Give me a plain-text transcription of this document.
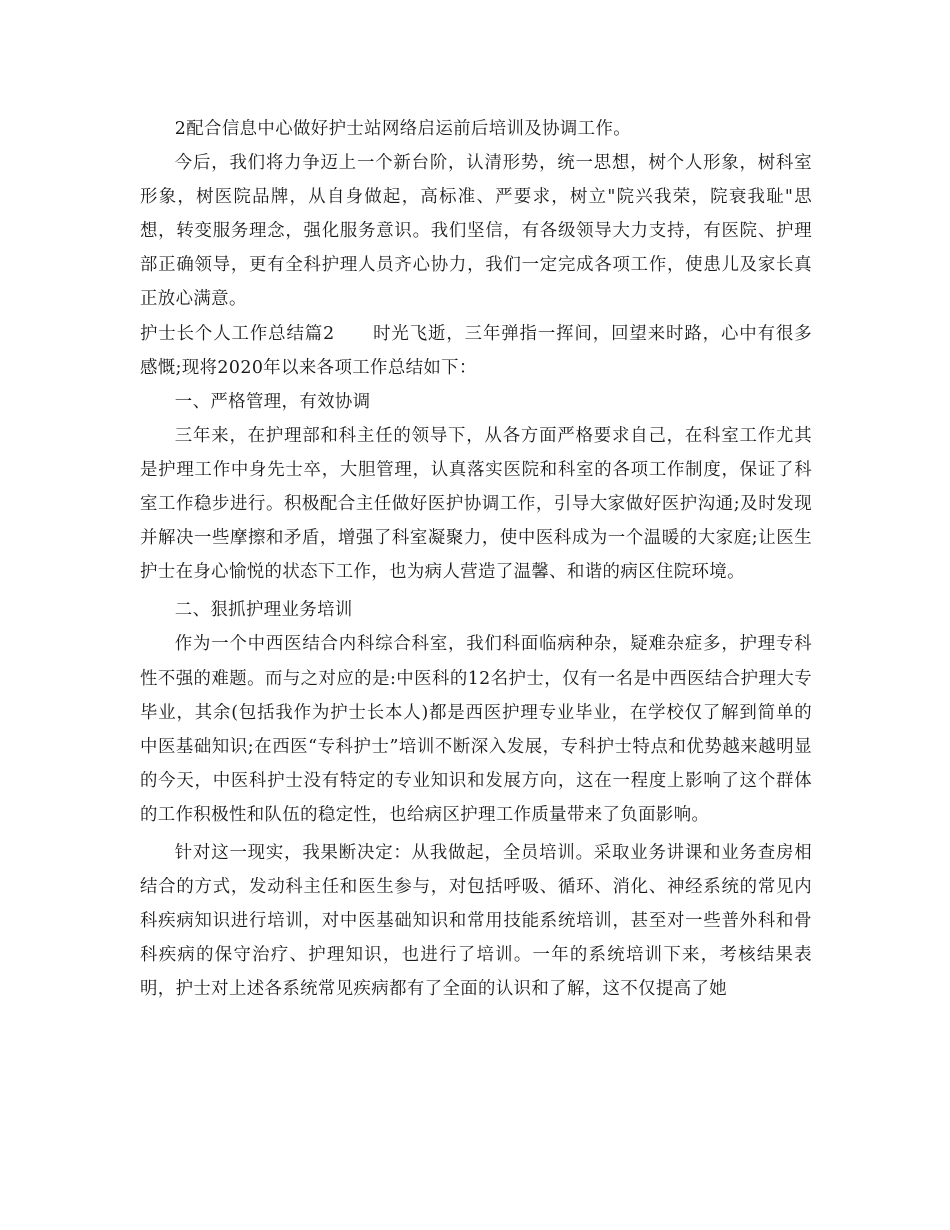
2配合信息中心做好护士站网络启运前后培训及协调工作。

今后，我们将力争迈上一个新台阶，认清形势，统一思想，树个人形象，树科室形象，树医院品牌，从自身做起，高标准、严要求，树立"院兴我荣，院衰我耻"思想，转变服务理念，强化服务意识。我们坚信，有各级领导大力支持，有医院、护理部正确领导，更有全科护理人员齐心协力，我们一定完成各项工作，使患儿及家长真正放心满意。

护士长个人工作总结篇2 时光飞逝，三年弹指一挥间，回望来时路，心中有很多感慨;现将2020年以来各项工作总结如下：

一、严格管理，有效协调

三年来，在护理部和科主任的领导下，从各方面严格要求自己，在科室工作尤其是护理工作中身先士卒，大胆管理，认真落实医院和科室的各项工作制度，保证了科室工作稳步进行。积极配合主任做好医护协调工作，引导大家做好医护沟通;及时发现并解决一些摩擦和矛盾，增强了科室凝聚力，使中医科成为一个温暖的大家庭;让医生护士在身心愉悦的状态下工作，也为病人营造了温馨、和谐的病区住院环境。

二、狠抓护理业务培训

作为一个中西医结合内科综合科室，我们科面临病种杂，疑难杂症多，护理专科性不强的难题。而与之对应的是:中医科的12名护士，仅有一名是中西医结合护理大专毕业，其余(包括我作为护士长本人)都是西医护理专业毕业，在学校仅了解到简单的中医基础知识;在西医“专科护士”培训不断深入发展，专科护士特点和优势越来越明显的今天，中医科护士没有特定的专业知识和发展方向，这在一程度上影响了这个群体的工作积极性和队伍的稳定性，也给病区护理工作质量带来了负面影响。

针对这一现实，我果断决定：从我做起，全员培训。采取业务讲课和业务查房相结合的方式，发动科主任和医生参与，对包括呼吸、循环、消化、神经系统的常见内科疾病知识进行培训，对中医基础知识和常用技能系统培训，甚至对一些普外科和骨科疾病的保守治疗、护理知识，也进行了培训。一年的系统培训下来，考核结果表明，护士对上述各系统常见疾病都有了全面的认识和了解，这不仅提高了她
